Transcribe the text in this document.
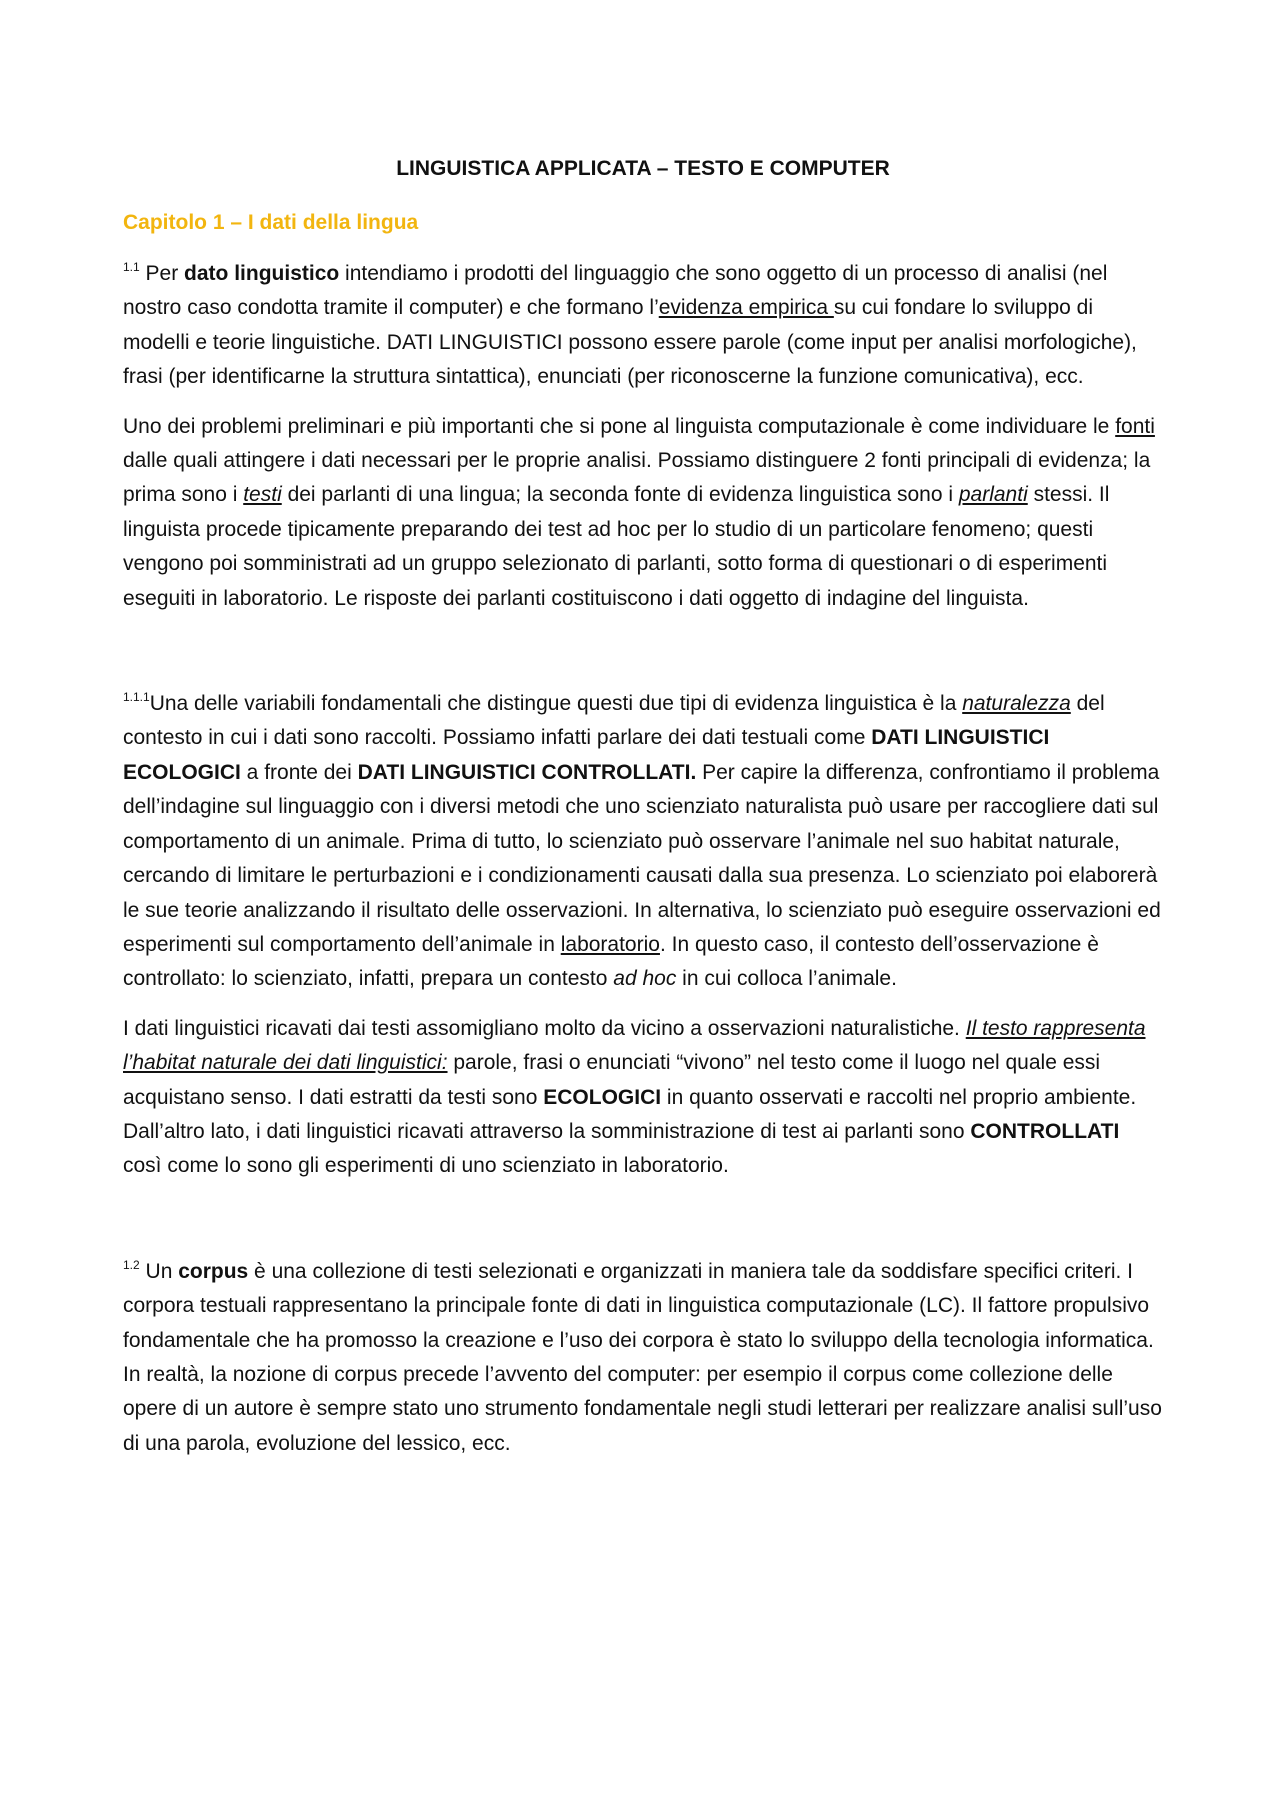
LINGUISTICA APPLICATA – TESTO E COMPUTER
Capitolo 1 – I dati della lingua

$^{1.1}$ Per dato linguistico intendiamo i prodotti del linguaggio che sono oggetto di un processo di analisi (nel nostro caso condotta tramite il computer) e che formano l’evidenza empirica su cui fondare lo sviluppo di modelli e teorie linguistiche. DATI LINGUISTICI possono essere parole (come input per analisi morfologiche), frasi (per identificarne la struttura sintattica), enunciati (per riconoscerne la funzione comunicativa), ecc.

Uno dei problemi preliminari e più importanti che si pone al linguista computazionale è come individuare le fonti dalle quali attingere i dati necessari per le proprie analisi. Possiamo distinguere 2 fonti principali di evidenza; la prima sono i testi dei parlanti di una lingua; la seconda fonte di evidenza linguistica sono i parlanti stessi. Il linguista procede tipicamente preparando dei test ad hoc per lo studio di un particolare fenomeno; questi vengono poi somministrati ad un gruppo selezionato di parlanti, sotto forma di questionari o di esperimenti eseguiti in laboratorio. Le risposte dei parlanti costituiscono i dati oggetto di indagine del linguista.

$^{1.1.1}$Una delle variabili fondamentali che distingue questi due tipi di evidenza linguistica è la naturalezza del contesto in cui i dati sono raccolti. Possiamo infatti parlare dei dati testuali come DATI LINGUISTICI ECOLOGICI a fronte dei DATI LINGUISTICI CONTROLLATI. Per capire la differenza, confrontiamo il problema dell’indagine sul linguaggio con i diversi metodi che uno scienziato naturalista può usare per raccogliere dati sul comportamento di un animale. Prima di tutto, lo scienziato può osservare l’animale nel suo habitat naturale, cercando di limitare le perturbazioni e i condizionamenti causati dalla sua presenza. Lo scienziato poi elaborerà le sue teorie analizzando il risultato delle osservazioni. In alternativa, lo scienziato può eseguire osservazioni ed esperimenti sul comportamento dell’animale in laboratorio. In questo caso, il contesto dell’osservazione è controllato: lo scienziato, infatti, prepara un contesto ad hoc in cui colloca l’animale.

I dati linguistici ricavati dai testi assomigliano molto da vicino a osservazioni naturalistiche. Il testo rappresenta l’habitat naturale dei dati linguistici: parole, frasi o enunciati “vivono” nel testo come il luogo nel quale essi acquistano senso. I dati estratti da testi sono ECOLOGICI in quanto osservati e raccolti nel proprio ambiente. Dall’altro lato, i dati linguistici ricavati attraverso la somministrazione di test ai parlanti sono CONTROLLATI così come lo sono gli esperimenti di uno scienziato in laboratorio.

$^{1.2}$ Un corpus è una collezione di testi selezionati e organizzati in maniera tale da soddisfare specifici criteri. I corpora testuali rappresentano la principale fonte di dati in linguistica computazionale (LC). Il fattore propulsivo fondamentale che ha promosso la creazione e l’uso dei corpora è stato lo sviluppo della tecnologia informatica. In realtà, la nozione di corpus precede l’avvento del computer: per esempio il corpus come collezione delle opere di un autore è sempre stato uno strumento fondamentale negli studi letterari per realizzare analisi sull’uso di una parola, evoluzione del lessico, ecc.
